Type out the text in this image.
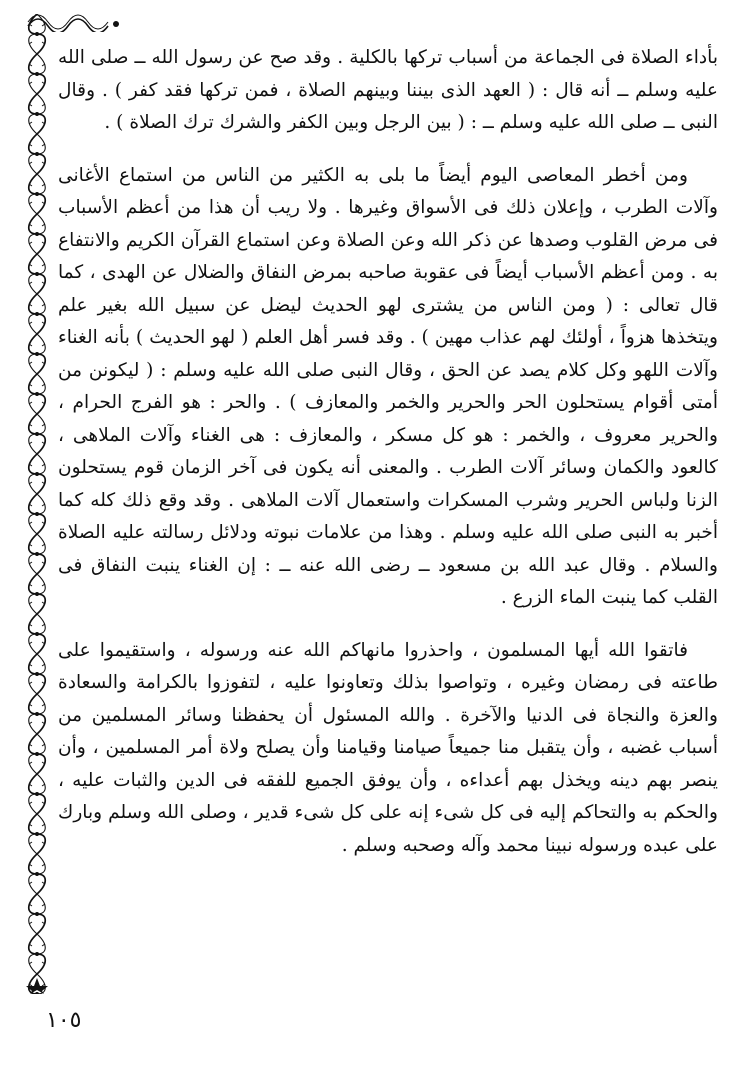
بأداء الصلاة فى الجماعة من أسباب تركها بالكلية . وقد صح عن رسول الله ــ صلى الله عليه وسلم ــ أنه قال : ( العهد الذى بيننا وبينهم الصلاة ، فمن تركها فقد كفر ) . وقال النبى ــ صلى الله عليه وسلم ــ : ( بين الرجل وبين الكفر والشرك ترك الصلاة ) .

ومن أخطر المعاصى اليوم أيضاً ما بلى به الكثير من الناس من استماع الأغانى وآلات الطرب ، وإعلان ذلك فى الأسواق وغيرها . ولا ريب أن هذا من أعظم الأسباب فى مرض القلوب وصدها عن ذكر الله وعن الصلاة وعن استماع القرآن الكريم والانتفاع به . ومن أعظم الأسباب أيضاً فى عقوبة صاحبه بمرض النفاق والضلال عن الهدى ، كما قال تعالى : ( ومن الناس من يشترى لهو الحديث ليضل عن سبيل الله بغير علم ويتخذها هزواً ، أولئك لهم عذاب مهين ) . وقد فسر أهل العلم ( لهو الحديث ) بأنه الغناء وآلات اللهو وكل كلام يصد عن الحق ، وقال النبى صلى الله عليه وسلم : ( ليكونن من أمتى أقوام يستحلون الحر والحرير والخمر والمعازف ) . والحر : هو الفرج الحرام ، والحرير معروف ، والخمر : هو كل مسكر ، والمعازف : هى الغناء وآلات الملاهى ، كالعود والكمان وسائر آلات الطرب . والمعنى أنه يكون فى آخر الزمان قوم يستحلون الزنا ولباس الحرير وشرب المسكرات واستعمال آلات الملاهى . وقد وقع ذلك كله كما أخبر به النبى صلى الله عليه وسلم . وهذا من علامات نبوته ودلائل رسالته عليه الصلاة والسلام . وقال عبد الله بن مسعود ــ رضى الله عنه ــ : إن الغناء ينبت النفاق فى القلب كما ينبت الماء الزرع .

فاتقوا الله أيها المسلمون ، واحذروا مانهاكم الله عنه ورسوله ، واستقيموا على طاعته فى رمضان وغيره ، وتواصوا بذلك وتعاونوا عليه ، لتفوزوا بالكرامة والسعادة والعزة والنجاة فى الدنيا والآخرة . والله المسئول أن يحفظنا وسائر المسلمين من أسباب غضبه ، وأن يتقبل منا جميعاً صيامنا وقيامنا وأن يصلح ولاة أمر المسلمين ، وأن ينصر بهم دينه ويخذل بهم أعداءه ، وأن يوفق الجميع للفقه فى الدين والثبات عليه ، والحكم به والتحاكم إليه فى كل شىء إنه على كل شىء قدير ، وصلى الله وسلم وبارك على عبده ورسوله نبينا محمد وآله وصحبه وسلم .

١٠٥
